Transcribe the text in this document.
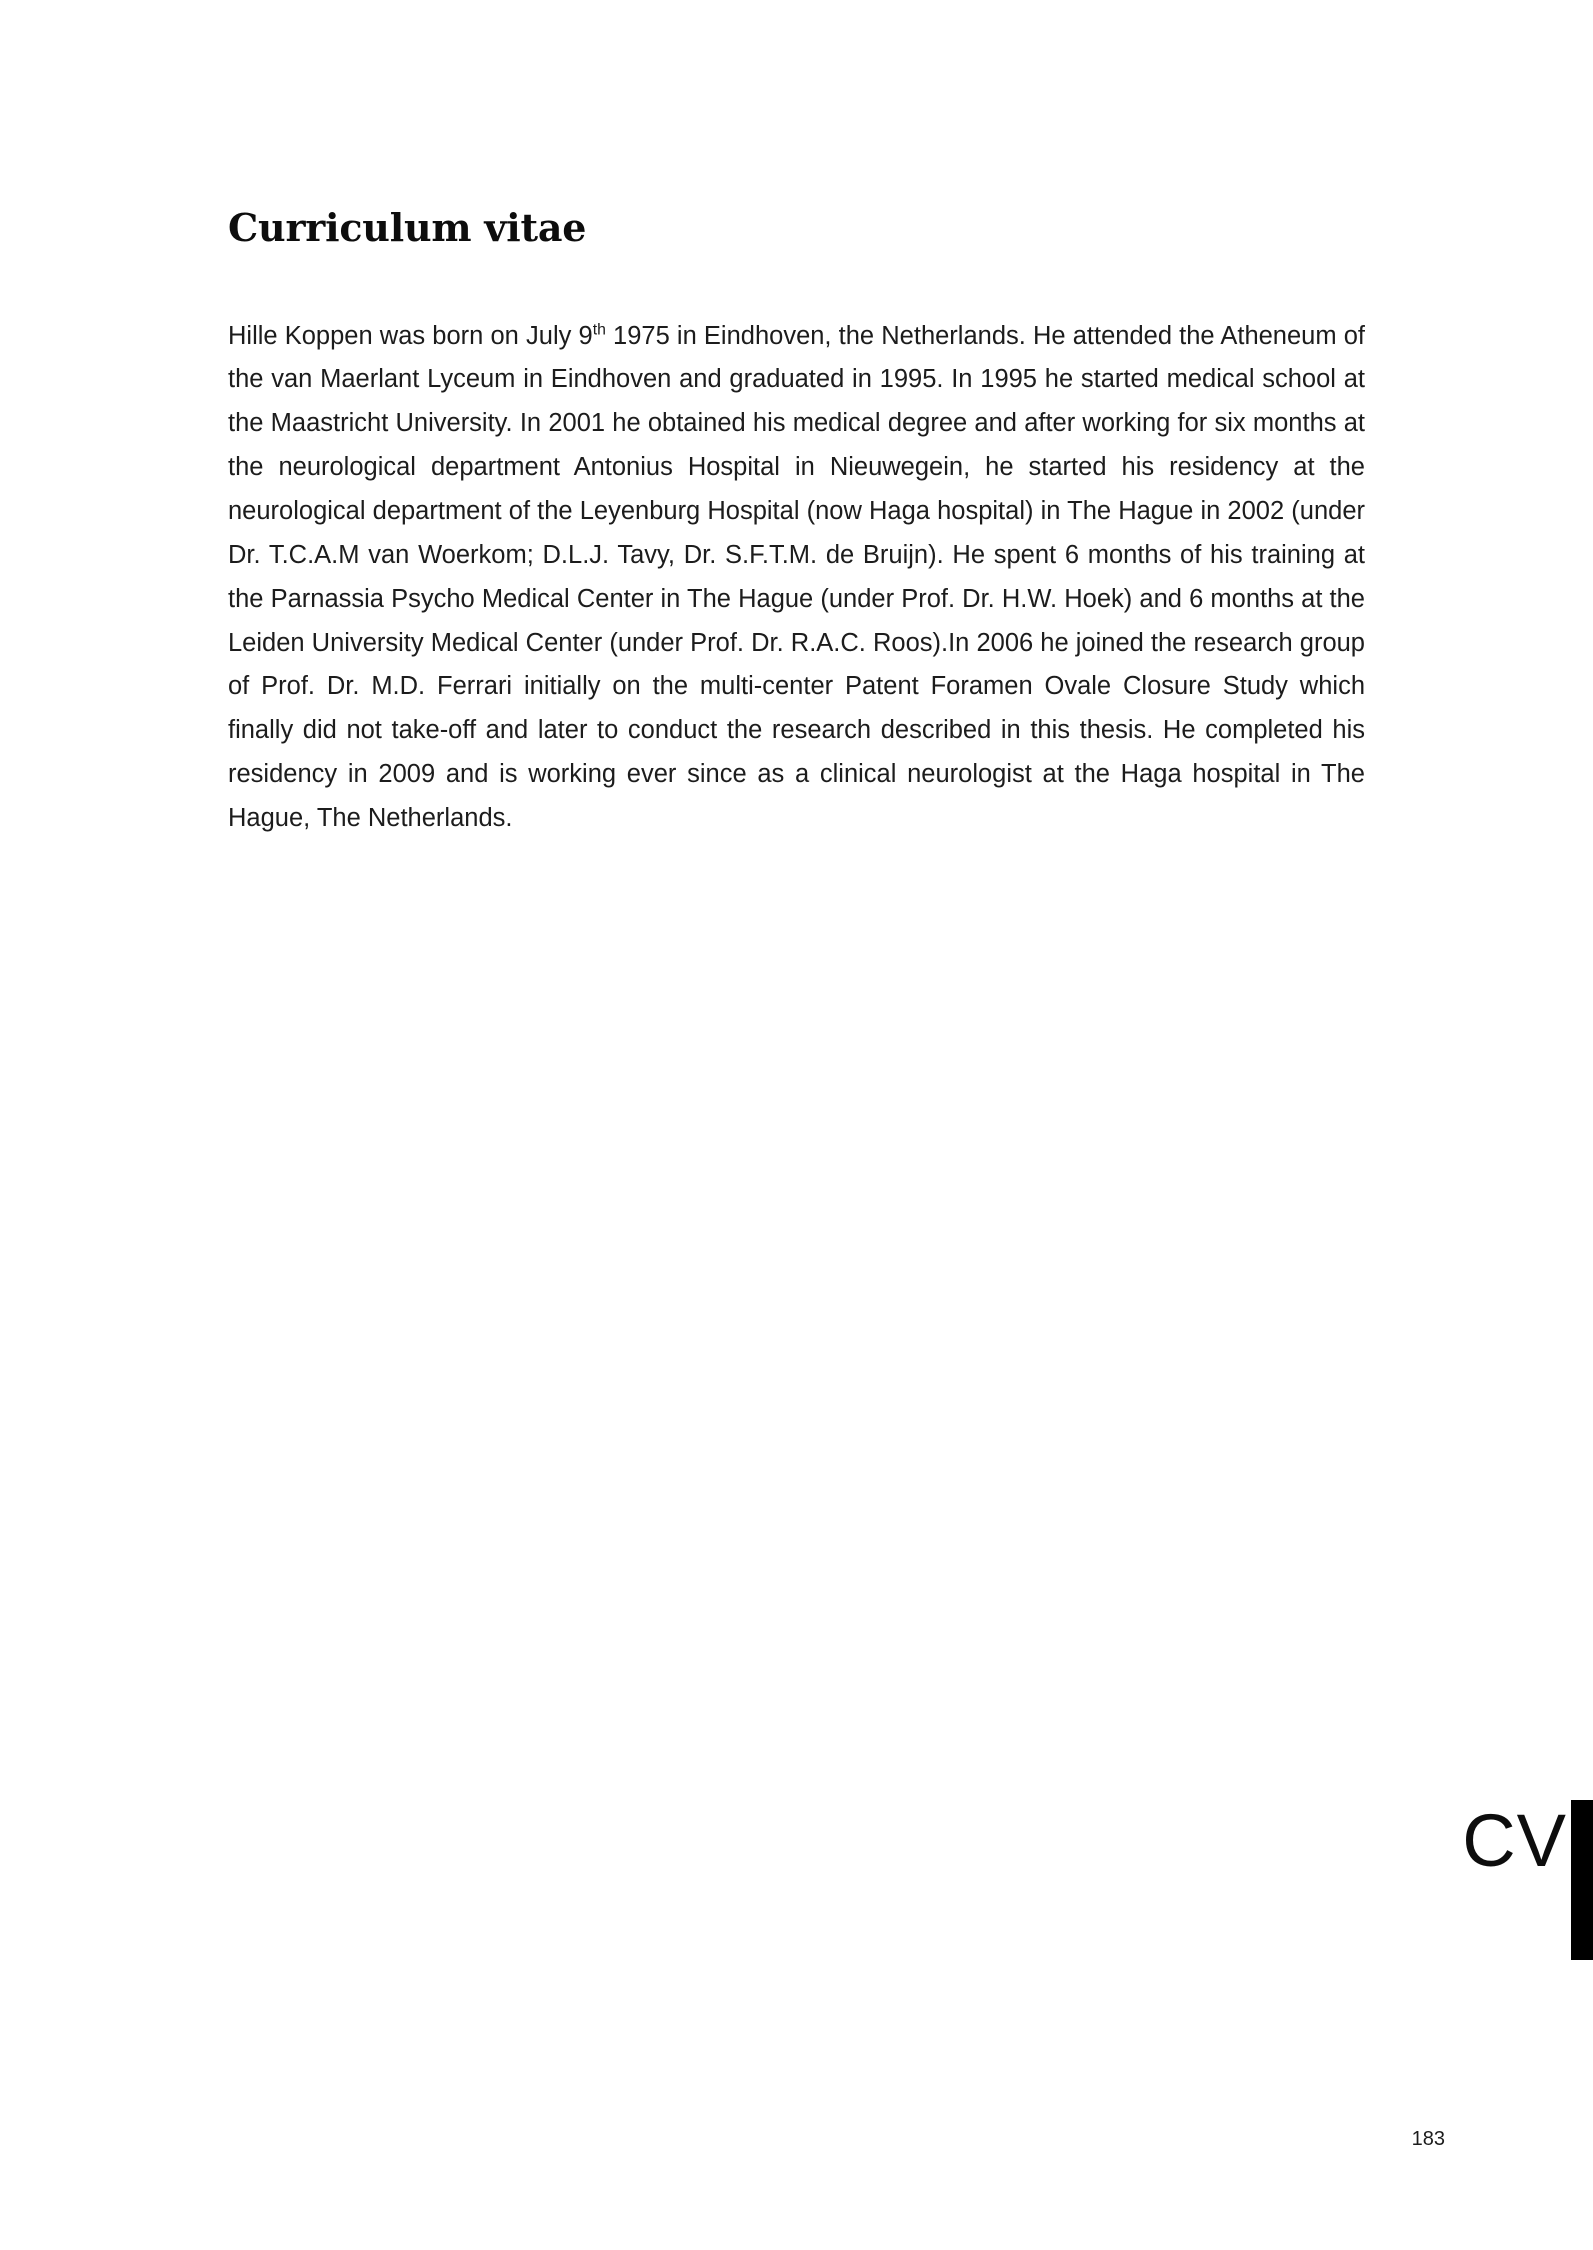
Curriculum vitae

Hille Koppen was born on July 9th 1975 in Eindhoven, the Netherlands. He attended the Atheneum of the van Maerlant Lyceum in Eindhoven and graduated in 1995. In 1995 he started medical school at the Maastricht University. In 2001 he obtained his medical degree and after working for six months at the neurological department Antonius Hospital in Nieuwegein, he started his residency at the neurological department of the Leyenburg Hospital (now Haga hospital) in The Hague in 2002 (under Dr. T.C.A.M van Woerkom; D.L.J. Tavy, Dr. S.F.T.M. de Bruijn). He spent 6 months of his training at the Parnassia Psycho Medical Center in The Hague (under Prof. Dr. H.W. Hoek) and 6 months at the Leiden University Medical Center (under Prof. Dr. R.A.C. Roos).In 2006 he joined the research group of Prof. Dr. M.D. Ferrari initially on the multi-center Patent Foramen Ovale Closure Study which finally did not take-off and later to conduct the research described in this thesis. He completed his residency in 2009 and is working ever since as a clinical neurologist at the Haga hospital in The Hague, The Netherlands.

CV
183
